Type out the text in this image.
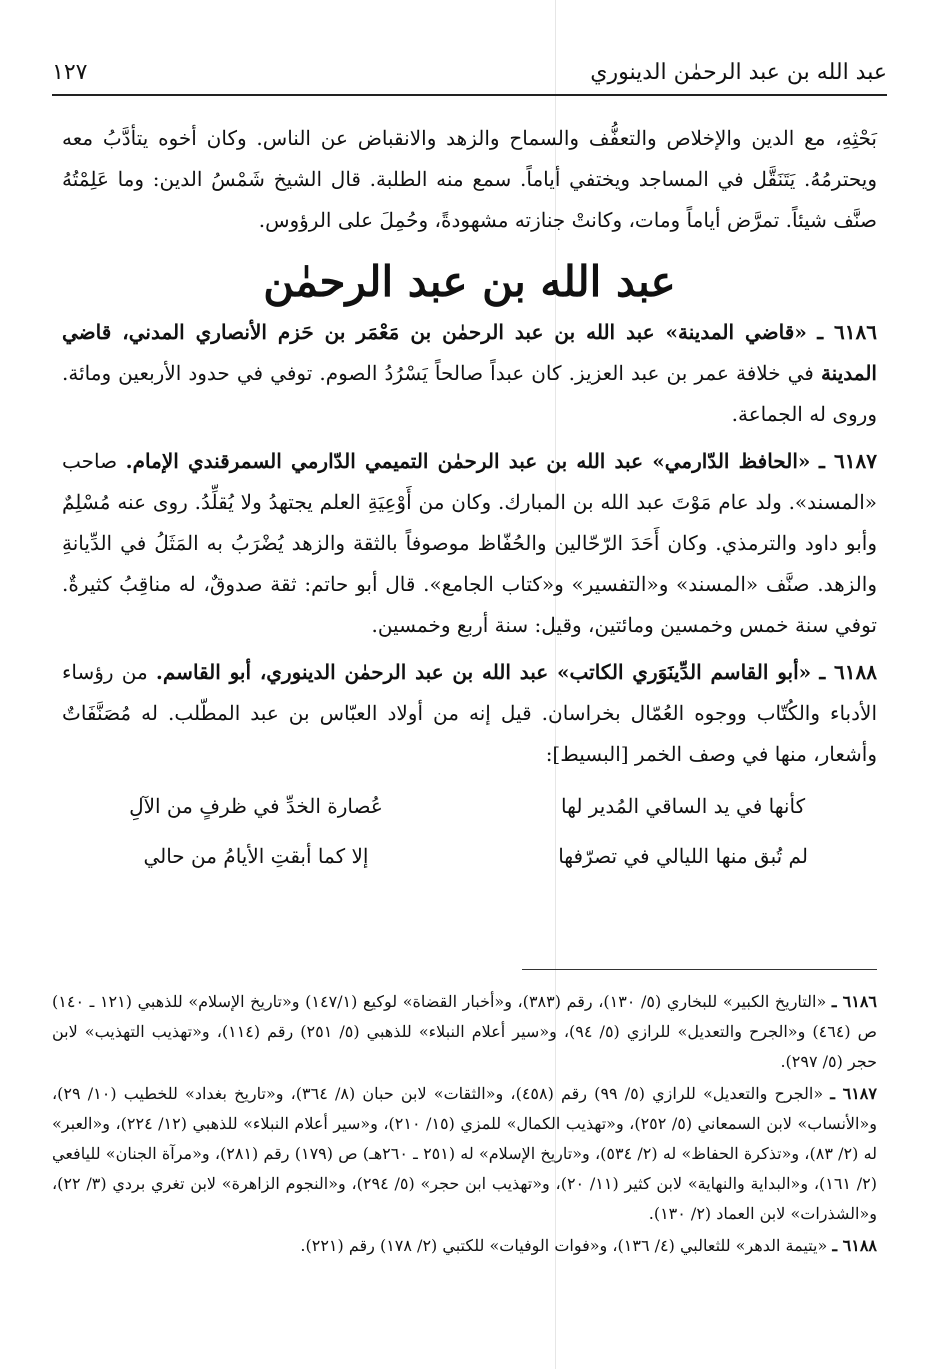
عبد الله بن عبد الرحمٰن الدينوري
١٢٧

بَحْثِهِ، مع الدين والإخلاص والتعفُّف والسماح والزهد والانقباض عن الناس. وكان أخوه يتأدَّبُ معه ويحترمُهُ. يَتَنَقَّل في المساجد ويختفي أياماً. سمع منه الطلبة. قال الشيخ شَمْسُ الدين: وما عَلِمْتُهُ صنَّف شيئاً. تمرَّض أياماً ومات، وكانتْ جنازته مشهودةً، وحُمِلَ على الرؤوس.

عبد الله بن عبد الرحمٰن

٦١٨٦ ـ «قاضي المدينة» عبد الله بن عبد الرحمٰن بن مَعْمَر بن حَزم الأنصاري المدني، قاضي المدينة في خلافة عمر بن عبد العزيز. كان عبداً صالحاً يَسْرُدُ الصوم. توفي في حدود الأربعين ومائة. وروى له الجماعة.

٦١٨٧ ـ «الحافظ الدّارمي» عبد الله بن عبد الرحمٰن التميمي الدّارمي السمرقندي الإمام. صاحب «المسند». ولد عام مَوْتَ عبد الله بن المبارك. وكان من أَوْعِيَةِ العلم يجتهدُ ولا يُقلِّدُ. روى عنه مُسْلِمٌ وأبو داود والترمذي. وكان أَحَدَ الرّحّالين والحُفّاظ موصوفاً بالثقة والزهد يُضْرَبُ به المَثَلُ في الدِّيانةِ والزهد. صنَّف «المسند» و«التفسير» و«كتاب الجامع». قال أبو حاتم: ثقة صدوقٌ، له مناقِبُ كثيرةٌ. توفي سنة خمس وخمسين ومائتين، وقيل: سنة أربع وخمسين.

٦١٨٨ ـ «أبو القاسم الدِّينَوَري الكاتب» عبد الله بن عبد الرحمٰن الدينوري، أبو القاسم. من رؤساء الأدباء والكُتّاب ووجوه العُمّال بخراسان. قيل إنه من أولاد العبّاس بن عبد المطّلب. له مُصَنَّفَاتٌ وأشعار، منها في وصف الخمر [البسيط]:

كأنها في يد الساقي المُدير لها
عُصارة الخدِّ في ظرفٍ من الآلِ
لم تُبق منها الليالي في تصرّفها
إلا كما أبقتِ الأيامُ من حالي

٦١٨٦ ـ «التاريخ الكبير» للبخاري (٥/ ١٣٠)، رقم (٣٨٣)، و«أخبار القضاة» لوكيع (١٤٧/١) و«تاريخ الإسلام» للذهبي (١٢١ ـ ١٤٠) ص (٤٦٤) و«الجرح والتعديل» للرازي (٥/ ٩٤)، و«سير أعلام النبلاء» للذهبي (٥/ ٢٥١) رقم (١١٤)، و«تهذيب التهذيب» لابن حجر (٥/ ٢٩٧).

٦١٨٧ ـ «الجرح والتعديل» للرازي (٥/ ٩٩) رقم (٤٥٨)، و«الثقات» لابن حبان (٨/ ٣٦٤)، و«تاريخ بغداد» للخطيب (١٠/ ٢٩)، و«الأنساب» لابن السمعاني (٥/ ٢٥٢)، و«تهذيب الكمال» للمزي (١٥/ ٢١٠)، و«سير أعلام النبلاء» للذهبي (١٢/ ٢٢٤)، و«العبر» له (٢/ ٨٣)، و«تذكرة الحفاظ» له (٢/ ٥٣٤)، و«تاريخ الإسلام» له (٢٥١ ـ ٢٦٠هـ) ص (١٧٩) رقم (٢٨١)، و«مرآة الجنان» لليافعي (٢/ ١٦١)، و«البداية والنهاية» لابن كثير (١١/ ٢٠)، و«تهذيب ابن حجر» (٥/ ٢٩٤)، و«النجوم الزاهرة» لابن تغري بردي (٣/ ٢٢)، و«الشذرات» لابن العماد (٢/ ١٣٠).

٦١٨٨ ـ «يتيمة الدهر» للثعالبي (٤/ ١٣٦)، و«فوات الوفيات» للكتبي (٢/ ١٧٨) رقم (٢٢١).
